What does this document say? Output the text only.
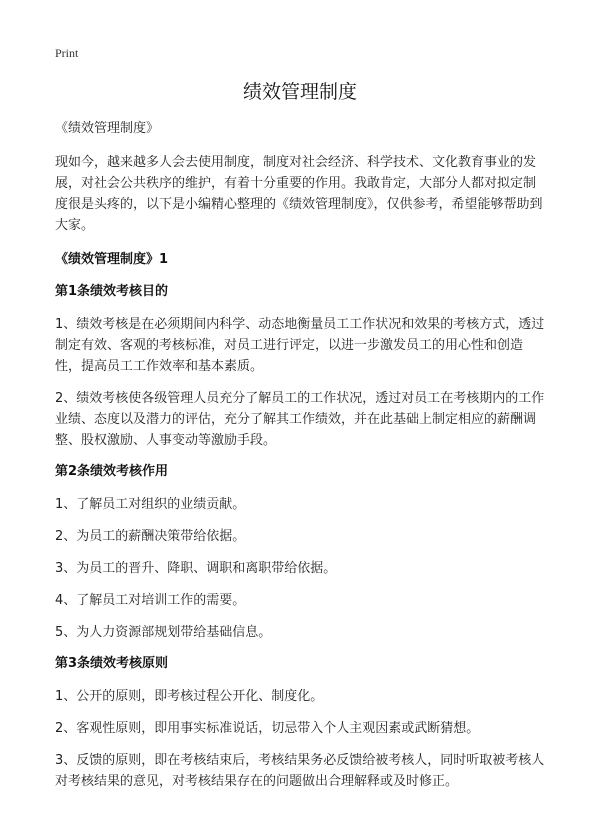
Print
绩效管理制度

《绩效管理制度》

现如今，越来越多人会去使用制度，制度对社会经济、科学技术、文化教育事业的发展，对社会公共秩序的维护，有着十分重要的作用。我敢肯定，大部分人都对拟定制度很是头疼的，以下是小编精心整理的《绩效管理制度》，仅供参考，希望能够帮助到大家。

《绩效管理制度》1

第1条绩效考核目的

1、绩效考核是在必须期间内科学、动态地衡量员工工作状况和效果的考核方式，透过制定有效、客观的考核标准，对员工进行评定，以进一步激发员工的用心性和创造性，提高员工工作效率和基本素质。

2、绩效考核使各级管理人员充分了解员工的工作状况，透过对员工在考核期内的工作业绩、态度以及潜力的评估，充分了解其工作绩效，并在此基础上制定相应的薪酬调整、股权激励、人事变动等激励手段。

第2条绩效考核作用

1、了解员工对组织的业绩贡献。

2、为员工的薪酬决策带给依据。

3、为员工的晋升、降职、调职和离职带给依据。

4、了解员工对培训工作的需要。

5、为人力资源部规划带给基础信息。

第3条绩效考核原则

1、公开的原则，即考核过程公开化、制度化。

2、客观性原则，即用事实标准说话，切忌带入个人主观因素或武断猜想。

3、反馈的原则，即在考核结束后，考核结果务必反馈给被考核人，同时听取被考核人对考核结果的意见，对考核结果存在的问题做出合理解释或及时修正。
